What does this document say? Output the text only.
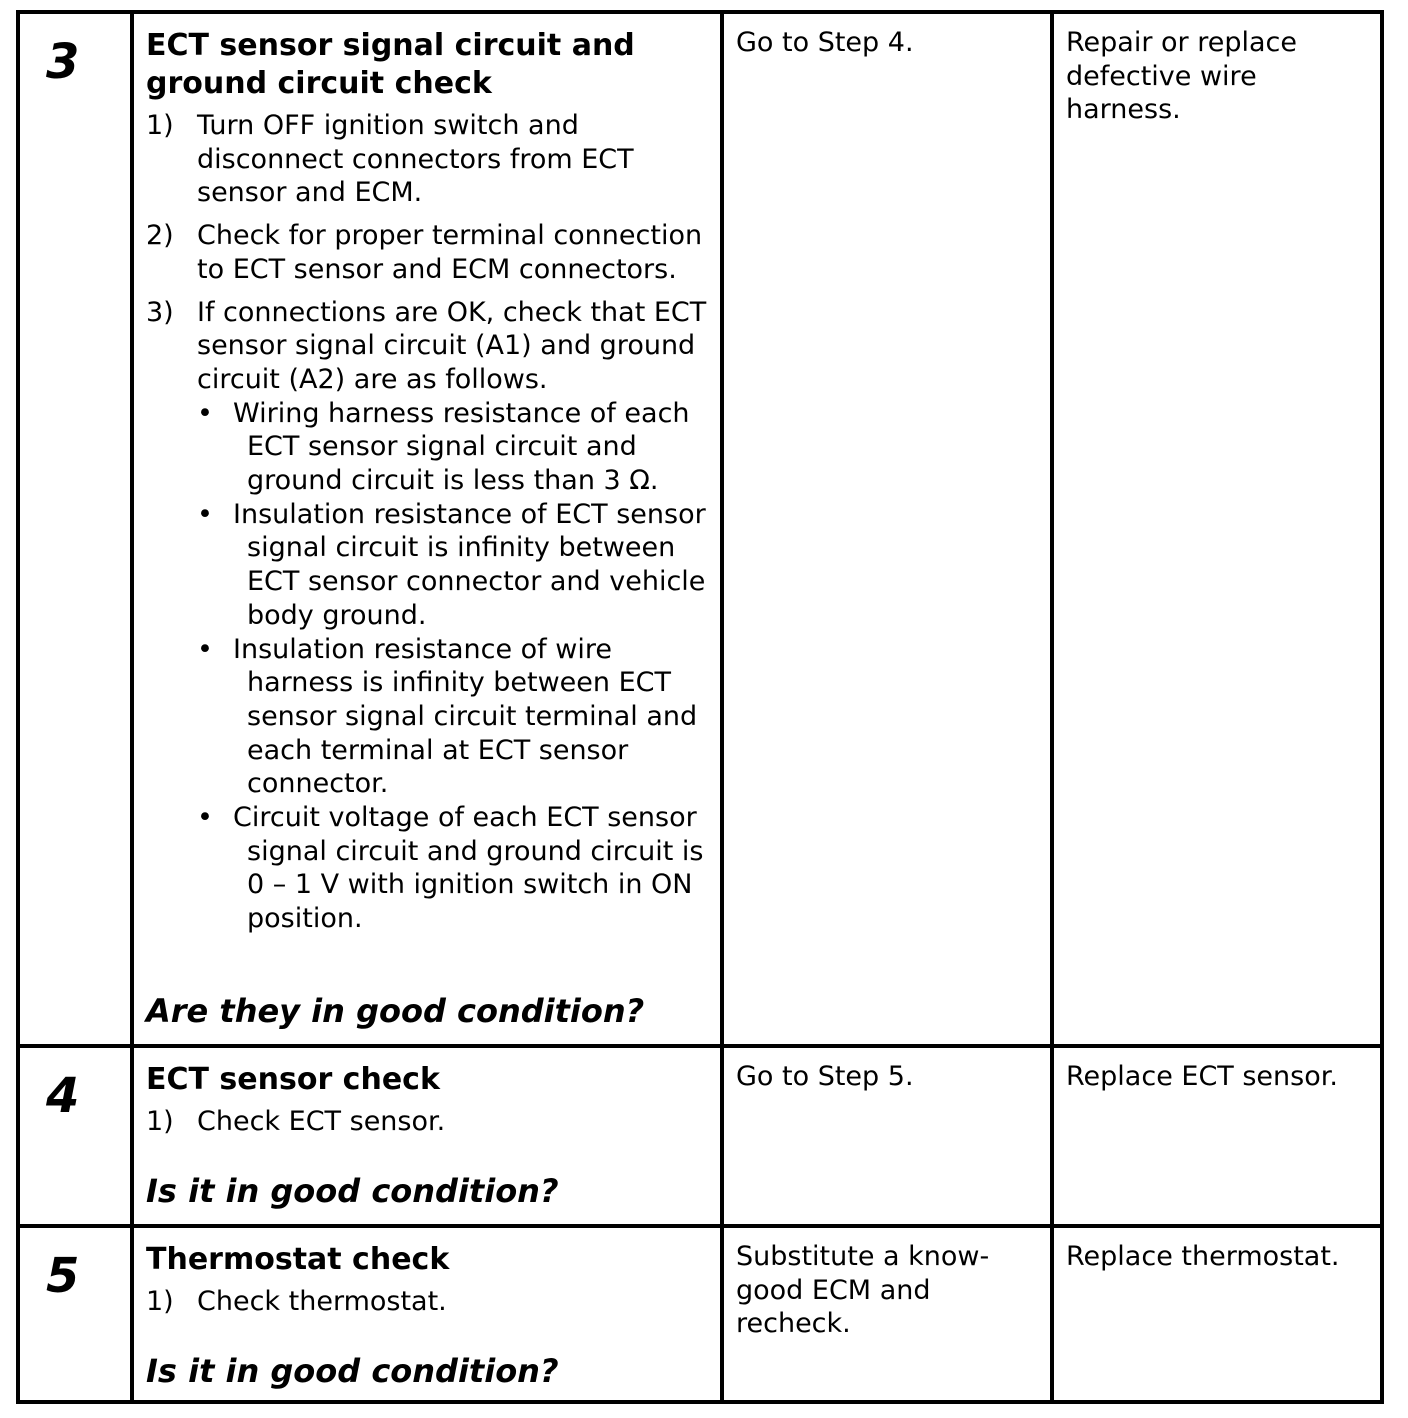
3 ECT sensor signal circuit and ground circuit check
1) Turn OFF ignition switch and disconnect connectors from ECT sensor and ECM.
2) Check for proper terminal connection to ECT sensor and ECM connectors.
3) If connections are OK, check that ECT sensor signal circuit (A1) and ground circuit (A2) are as follows.
• Wiring harness resistance of each ECT sensor signal circuit and ground circuit is less than 3 Ω.
• Insulation resistance of ECT sensor signal circuit is infinity between ECT sensor connector and vehicle body ground.
• Insulation resistance of wire harness is infinity between ECT sensor signal circuit terminal and each terminal at ECT sensor connector.
• Circuit voltage of each ECT sensor signal circuit and ground circuit is 0 – 1 V with ignition switch in ON position.
Are they in good condition?
Go to Step 4.	Repair or replace defective wire harness.
4 ECT sensor check
1) Check ECT sensor.
Is it in good condition?
Go to Step 5.	Replace ECT sensor.
5 Thermostat check
1) Check thermostat.
Is it in good condition?
Substitute a know-good ECM and recheck.
Replace thermostat.
